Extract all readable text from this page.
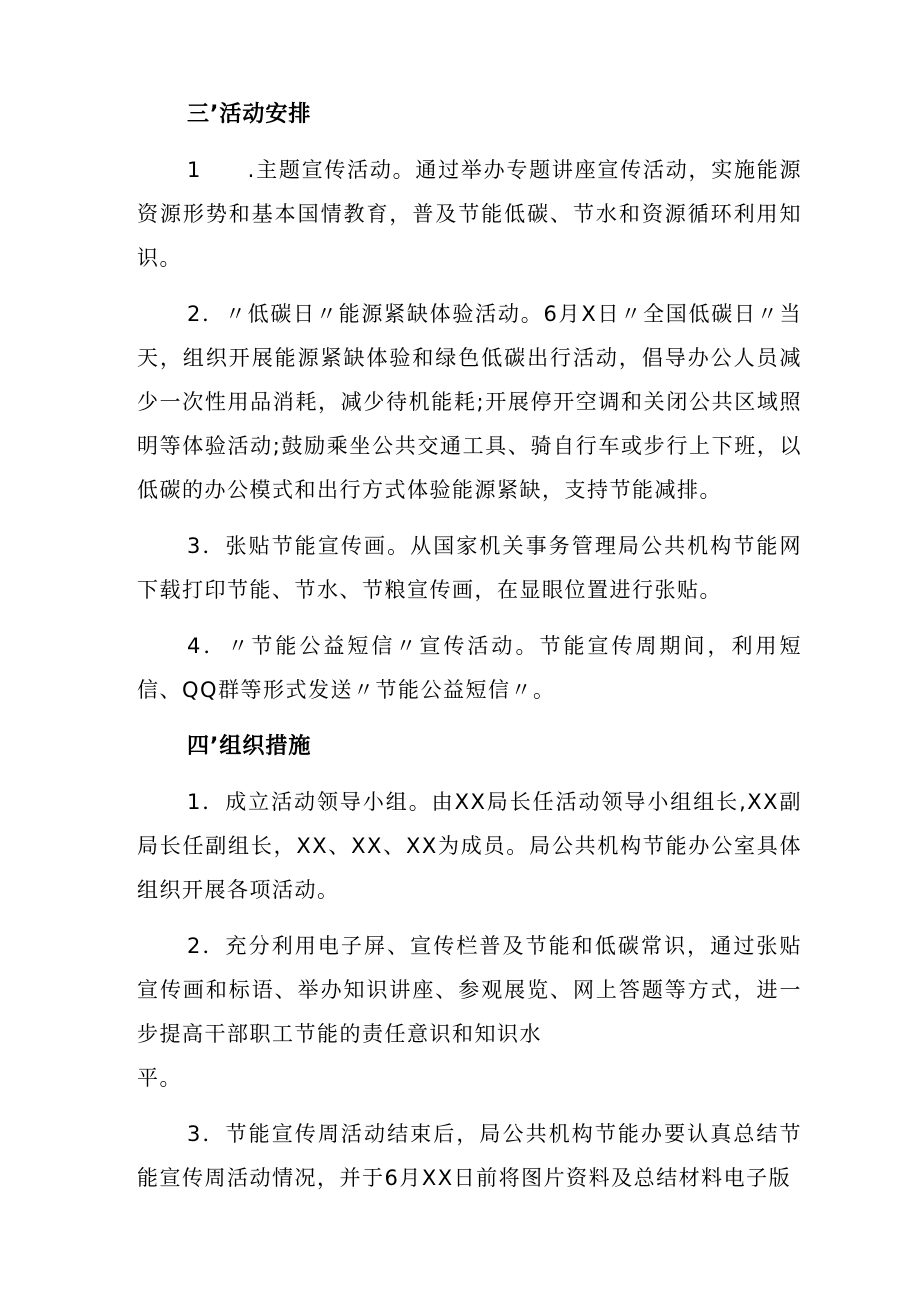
三’活动安排

1　　.主题宣传活动。通过举办专题讲座宣传活动，实施能源资源形势和基本国情教育，普及节能低碳、节水和资源循环利用知识。

2．〃低碳日〃能源紧缺体验活动。6月X日〃全国低碳日〃当天，组织开展能源紧缺体验和绿色低碳出行活动，倡导办公人员减少一次性用品消耗，减少待机能耗;开展停开空调和关闭公共区域照明等体验活动;鼓励乘坐公共交通工具、骑自行车或步行上下班，以低碳的办公模式和出行方式体验能源紧缺，支持节能减排。

3．张贴节能宣传画。从国家机关事务管理局公共机构节能网下载打印节能、节水、节粮宣传画，在显眼位置进行张贴。

4．〃节能公益短信〃宣传活动。节能宣传周期间，利用短信、QQ群等形式发送〃节能公益短信〃。

四’组织措施

1．成立活动领导小组。由XX局长任活动领导小组组长,XX副局长任副组长，XX、XX、XX为成员。局公共机构节能办公室具体组织开展各项活动。

2．充分利用电子屏、宣传栏普及节能和低碳常识，通过张贴宣传画和标语、举办知识讲座、参观展览、网上答题等方式，进一步提高干部职工节能的责任意识和知识水
平。

3．节能宣传周活动结束后，局公共机构节能办要认真总结节能宣传周活动情况，并于6月XX日前将图片资料及总结材料电子版
